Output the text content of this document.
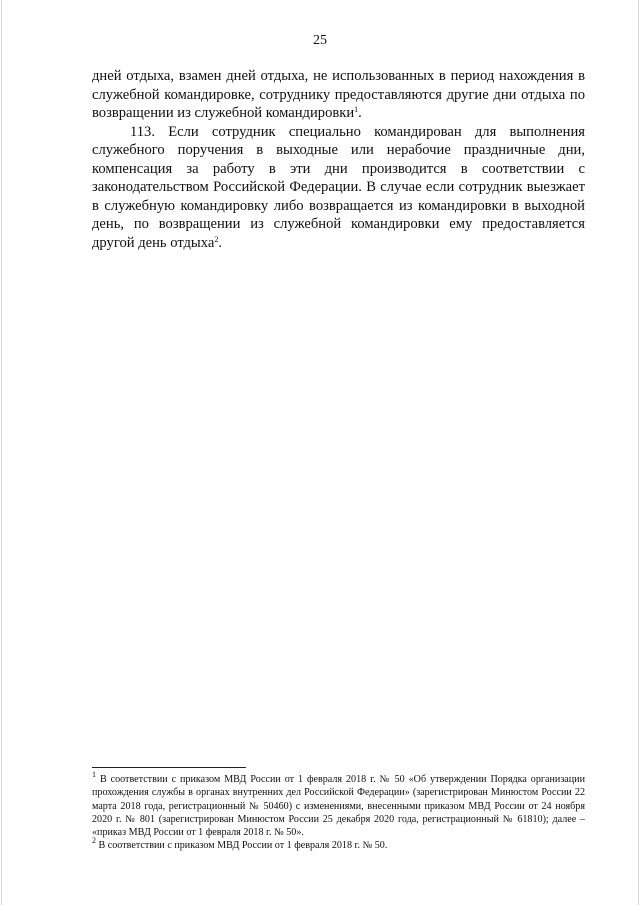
25

дней отдыха, взамен дней отдыха, не использованных в период нахождения в служебной командировке, сотруднику предоставляются другие дни отдыха по возвращении из служебной командировки$^1$.

113. Если сотрудник специально командирован для выполнения служебного поручения в выходные или нерабочие праздничные дни, компенсация за работу в эти дни производится в соответствии с законодательством Российской Федерации. В случае если сотрудник выезжает в служебную командировку либо возвращается из командировки в выходной день, по возвращении из служебной командировки ему предоставляется другой день отдыха$^2$.

$^1$ В соответствии с приказом МВД России от 1 февраля 2018 г. № 50 «Об утверждении Порядка организации прохождения службы в органах внутренних дел Российской Федерации» (зарегистрирован Минюстом России 22 марта 2018 года, регистрационный № 50460) с изменениями, внесенными приказом МВД России от 24 ноября 2020 г. № 801 (зарегистрирован Минюстом России 25 декабря 2020 года, регистрационный № 61810); далее – «приказ МВД России от 1 февраля 2018 г. № 50».

$^2$ В соответствии с приказом МВД России от 1 февраля 2018 г. № 50.
